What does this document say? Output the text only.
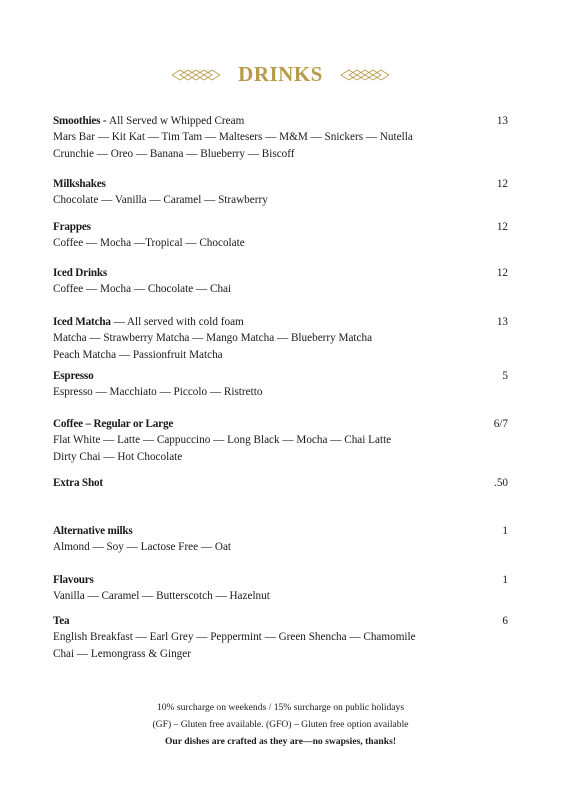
DRINKS
Smoothies - All Served w Whipped Cream	13
Mars Bar — Kit Kat — Tim Tam — Maltesers — M&M — Snickers — Nutella
Crunchie — Oreo — Banana — Blueberry — Biscoff
Milkshakes	12
Chocolate — Vanilla — Caramel — Strawberry
Frappes	12
Coffee — Mocha —Tropical — Chocolate
Iced Drinks	12
Coffee — Mocha — Chocolate — Chai
Iced Matcha — All served with cold foam	13
Matcha — Strawberry Matcha — Mango Matcha — Blueberry Matcha
Peach Matcha — Passionfruit Matcha
Espresso	5
Espresso — Macchiato — Piccolo — Ristretto
Coffee – Regular or Large	6/7
Flat White — Latte — Cappuccino — Long Black — Mocha — Chai Latte
Dirty Chai — Hot Chocolate
Extra Shot	.50
Alternative milks	1
Almond — Soy — Lactose Free — Oat
Flavours	1
Vanilla — Caramel — Butterscotch — Hazelnut
Tea	6
English Breakfast — Earl Grey — Peppermint — Green Shencha — Chamomile
Chai — Lemongrass & Ginger
10% surcharge on weekends / 15% surcharge on public holidays
(GF) – Gluten free available. (GFO) – Gluten free option available
Our dishes are crafted as they are—no swapsies, thanks!
